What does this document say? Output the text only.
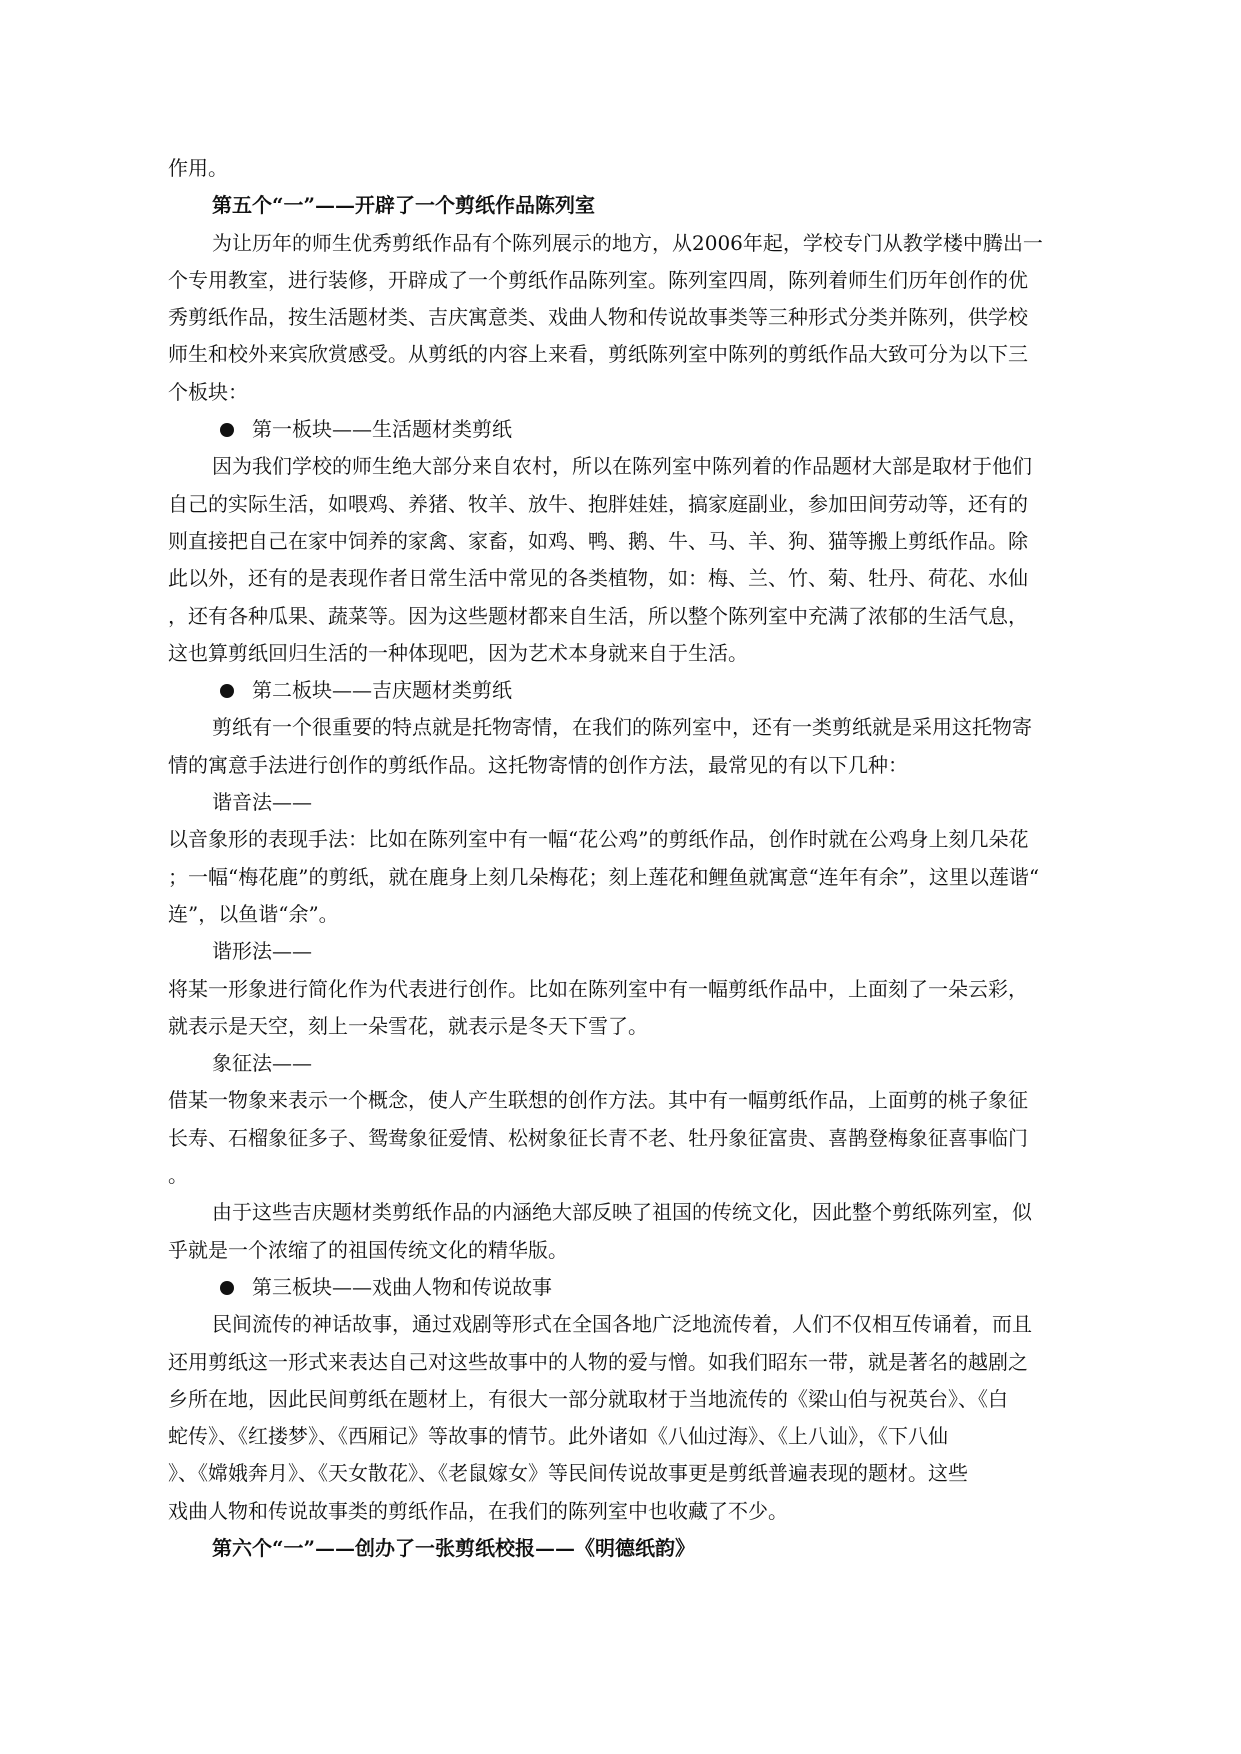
作用。
第五个“一”——开辟了一个剪纸作品陈列室
为让历年的师生优秀剪纸作品有个陈列展示的地方，从2006年起，学校专门从教学楼中腾出一
个专用教室，进行装修，开辟成了一个剪纸作品陈列室。陈列室四周，陈列着师生们历年创作的优
秀剪纸作品，按生活题材类、吉庆寓意类、戏曲人物和传说故事类等三种形式分类并陈列，供学校
师生和校外来宾欣赏感受。从剪纸的内容上来看，剪纸陈列室中陈列的剪纸作品大致可分为以下三
个板块：
第一板块——生活题材类剪纸
因为我们学校的师生绝大部分来自农村，所以在陈列室中陈列着的作品题材大部是取材于他们
自己的实际生活，如喂鸡、养猪、牧羊、放牛、抱胖娃娃，搞家庭副业，参加田间劳动等，还有的
则直接把自己在家中饲养的家禽、家畜，如鸡、鸭、鹅、牛、马、羊、狗、猫等搬上剪纸作品。除
此以外，还有的是表现作者日常生活中常见的各类植物，如：梅、兰、竹、菊、牡丹、荷花、水仙
，还有各种瓜果、蔬菜等。因为这些题材都来自生活，所以整个陈列室中充满了浓郁的生活气息，
这也算剪纸回归生活的一种体现吧，因为艺术本身就来自于生活。
第二板块——吉庆题材类剪纸
剪纸有一个很重要的特点就是托物寄情，在我们的陈列室中，还有一类剪纸就是采用这托物寄
情的寓意手法进行创作的剪纸作品。这托物寄情的创作方法，最常见的有以下几种：
谐音法——
以音象形的表现手法：比如在陈列室中有一幅“花公鸡”的剪纸作品，创作时就在公鸡身上刻几朵花
；一幅“梅花鹿”的剪纸，就在鹿身上刻几朵梅花；刻上莲花和鲤鱼就寓意“连年有余”，这里以莲谐“
连”，以鱼谐“余”。
谐形法——
将某一形象进行简化作为代表进行创作。比如在陈列室中有一幅剪纸作品中，上面刻了一朵云彩，
就表示是天空，刻上一朵雪花，就表示是冬天下雪了。
象征法——
借某一物象来表示一个概念，使人产生联想的创作方法。其中有一幅剪纸作品，上面剪的桃子象征
长寿、石榴象征多子、鸳鸯象征爱情、松树象征长青不老、牡丹象征富贵、喜鹊登梅象征喜事临门
。
由于这些吉庆题材类剪纸作品的内涵绝大部反映了祖国的传统文化，因此整个剪纸陈列室，似
乎就是一个浓缩了的祖国传统文化的精华版。
第三板块——戏曲人物和传说故事
民间流传的神话故事，通过戏剧等形式在全国各地广泛地流传着，人们不仅相互传诵着，而且
还用剪纸这一形式来表达自己对这些故事中的人物的爱与憎。如我们昭东一带，就是著名的越剧之
乡所在地，因此民间剪纸在题材上，有很大一部分就取材于当地流传的《梁山伯与祝英台》、《白
蛇传》、《红搂梦》、《西厢记》等故事的情节。此外诸如《八仙过海》、《上八讪》，《下八仙
》、《嫦娥奔月》、《天女散花》、《老鼠嫁女》等民间传说故事更是剪纸普遍表现的题材。这些
戏曲人物和传说故事类的剪纸作品，在我们的陈列室中也收藏了不少。
第六个“一”——创办了一张剪纸校报——《明德纸韵》
